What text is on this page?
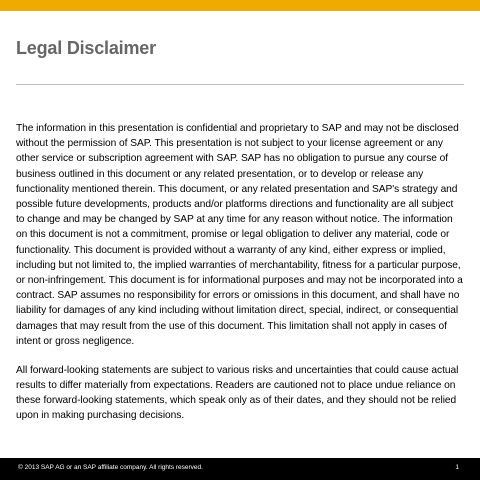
Legal Disclaimer

The information in this presentation is confidential and proprietary to SAP and may not be disclosed without the permission of SAP. This presentation is not subject to your license agreement or any other service or subscription agreement with SAP. SAP has no obligation to pursue any course of business outlined in this document or any related presentation, or to develop or release any functionality mentioned therein. This document, or any related presentation and SAP's strategy and possible future developments, products and/or platforms directions and functionality are all subject to change and may be changed by SAP at any time for any reason without notice. The information on this document is not a commitment, promise or legal obligation to deliver any material, code or functionality. This document is provided without a warranty of any kind, either express or implied, including but not limited to, the implied warranties of merchantability, fitness for a particular purpose, or non-infringement. This document is for informational purposes and may not be incorporated into a contract. SAP assumes no responsibility for errors or omissions in this document, and shall have no liability for damages of any kind including without limitation direct, special, indirect, or consequential damages that may result from the use of this document. This limitation shall not apply in cases of intent or gross negligence.

All forward-looking statements are subject to various risks and uncertainties that could cause actual results to differ materially from expectations. Readers are cautioned not to place undue reliance on these forward-looking statements, which speak only as of their dates, and they should not be relied upon in making purchasing decisions.

© 2013 SAP AG or an SAP affiliate company. All rights reserved.	1
